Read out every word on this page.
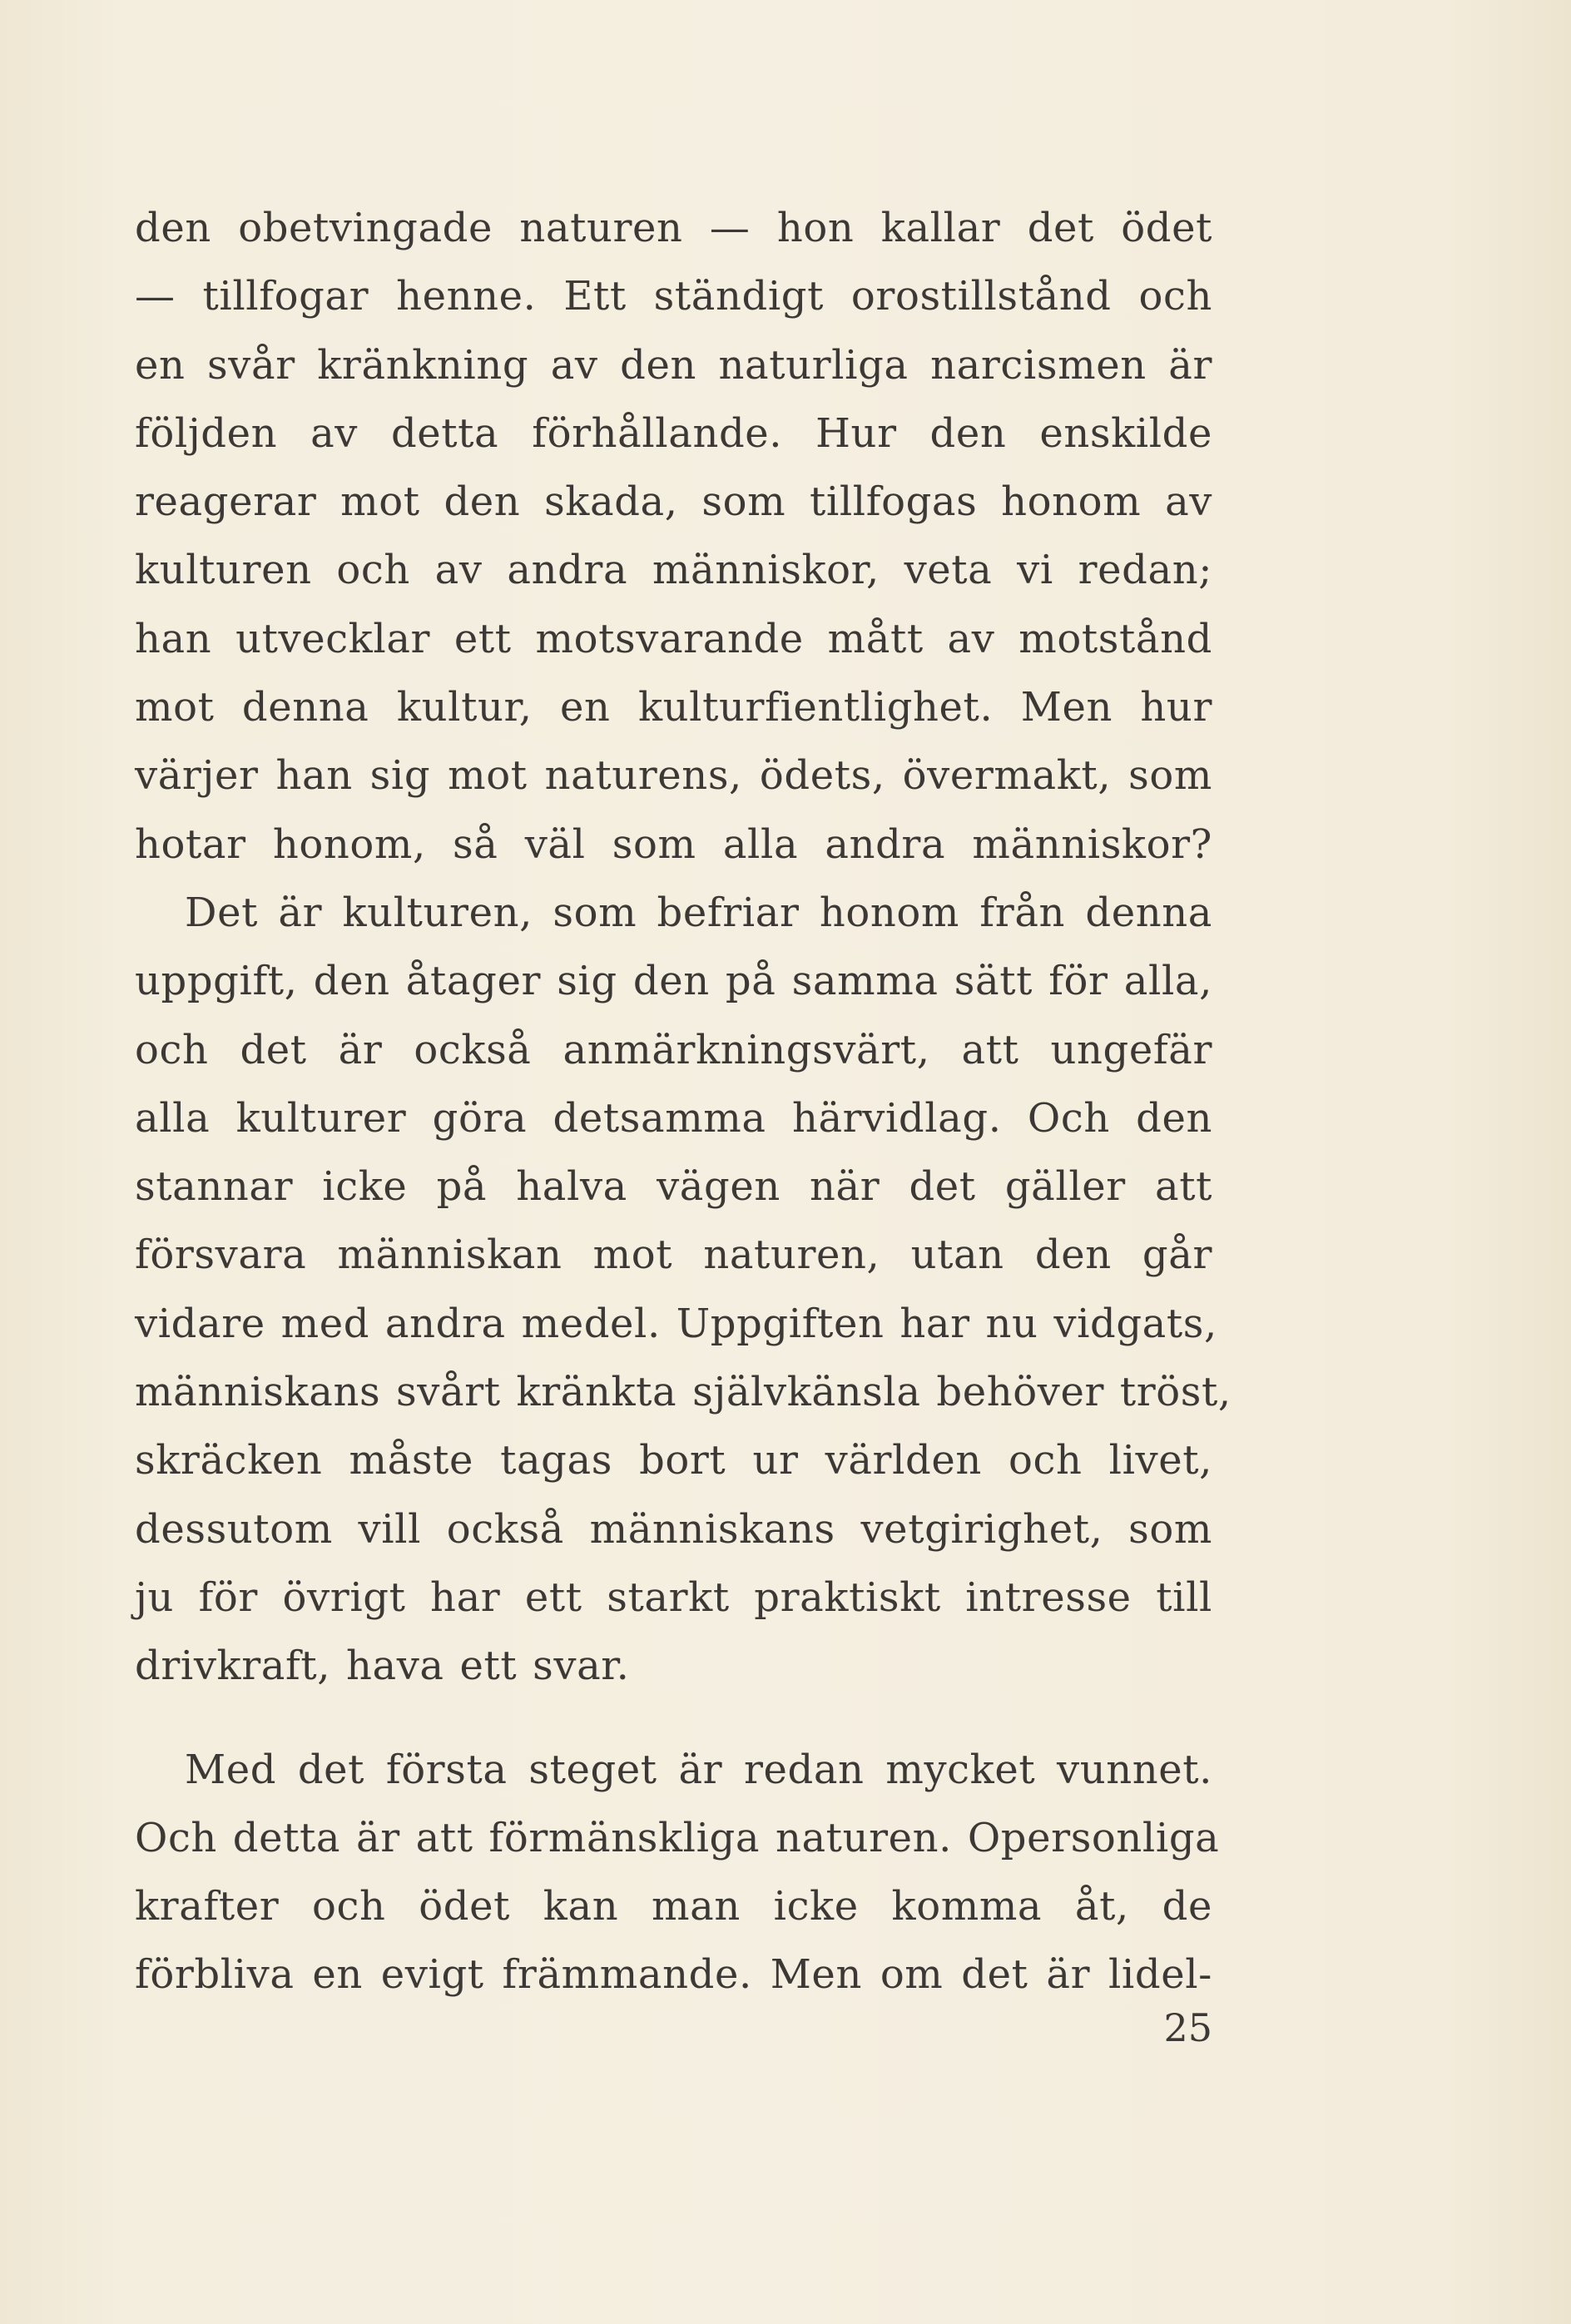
den obetvingade naturen — hon kallar det ödet
— tillfogar henne. Ett ständigt orostillstånd och
en svår kränkning av den naturliga narcismen är
följden av detta förhållande. Hur den enskilde
reagerar mot den skada, som tillfogas honom av
kulturen och av andra människor, veta vi redan;
han utvecklar ett motsvarande mått av motstånd
mot denna kultur, en kulturfientlighet. Men hur
värjer han sig mot naturens, ödets, övermakt, som
hotar honom, så väl som alla andra människor?
Det är kulturen, som befriar honom från denna
uppgift, den åtager sig den på samma sätt för alla,
och det är också anmärkningsvärt, att ungefär
alla kulturer göra detsamma härvidlag. Och den
stannar icke på halva vägen när det gäller att
försvara människan mot naturen, utan den går
vidare med andra medel. Uppgiften har nu vidgats,
människans svårt kränkta självkänsla behöver tröst,
skräcken måste tagas bort ur världen och livet,
dessutom vill också människans vetgirighet, som
ju för övrigt har ett starkt praktiskt intresse till
drivkraft, hava ett svar.
Med det första steget är redan mycket vunnet.
Och detta är att förmänskliga naturen. Opersonliga
krafter och ödet kan man icke komma åt, de
förbliva en evigt främmande. Men om det är lidel-
25
